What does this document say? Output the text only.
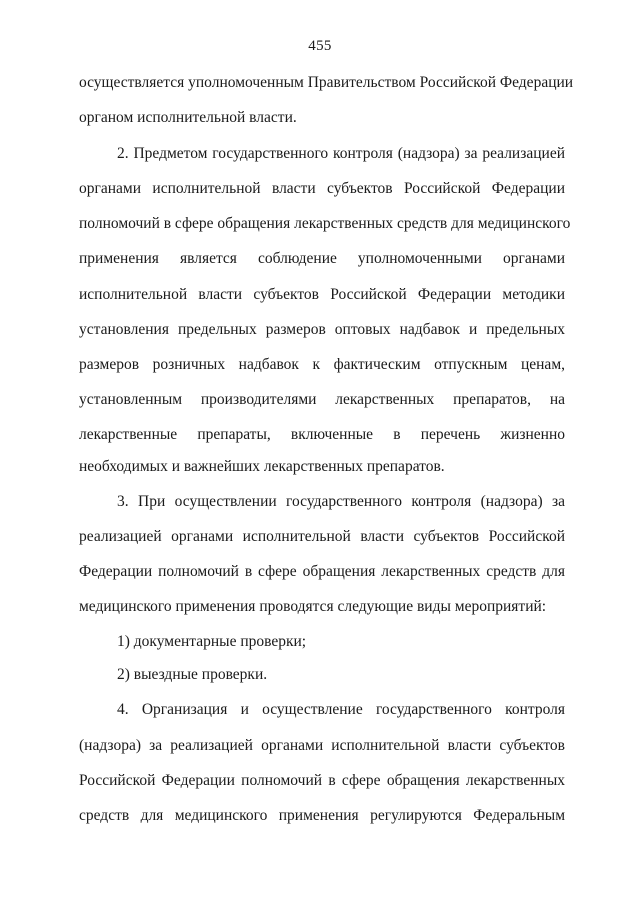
455
осуществляется уполномоченным Правительством Российской Федерации
органом исполнительной власти.
2. Предметом государственного контроля (надзора) за реализацией
органами исполнительной власти субъектов Российской Федерации
полномочий в сфере обращения лекарственных средств для медицинского
применения является соблюдение уполномоченными органами
исполнительной власти субъектов Российской Федерации методики
установления предельных размеров оптовых надбавок и предельных
размеров розничных надбавок к фактическим отпускным ценам,
установленным производителями лекарственных препаратов, на
лекарственные препараты, включенные в перечень жизненно
необходимых и важнейших лекарственных препаратов.
3. При осуществлении государственного контроля (надзора) за
реализацией органами исполнительной власти субъектов Российской
Федерации полномочий в сфере обращения лекарственных средств для
медицинского применения проводятся следующие виды мероприятий:
1) документарные проверки;
2) выездные проверки.
4. Организация и осуществление государственного контроля
(надзора) за реализацией органами исполнительной власти субъектов
Российской Федерации полномочий в сфере обращения лекарственных
средств для медицинского применения регулируются Федеральным
